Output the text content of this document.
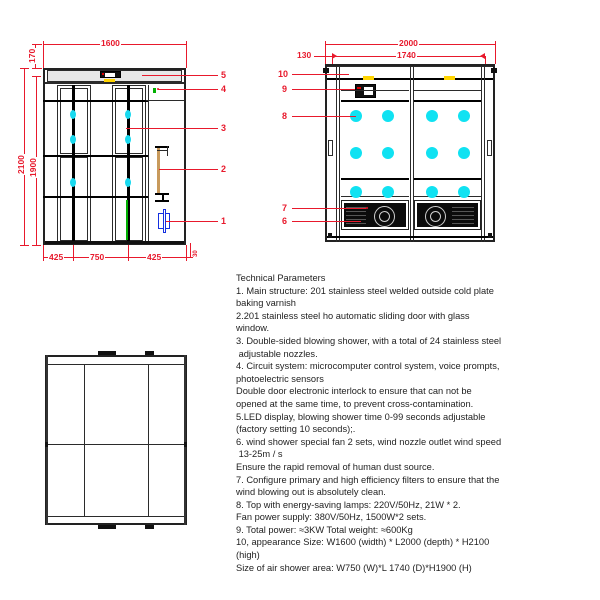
1600
170
2100 1900
425	750	425	30
5
4
3
2
1
2000
1740
130
10
9
8
7
6

Technical Parameters

1. Main structure: 201 stainless steel welded outside cold plate

baking varnish

2.201 stainless steel ho automatic sliding door with glass

window.

3. Double-sided blowing shower, with a total of 24 stainless steel

adjustable nozzles.

4. Circuit system: microcomputer control system, voice prompts,

photoelectric sensors

Double door electronic interlock to ensure that can not be

opened at the same time, to prevent cross-contamination.

5.LED display, blowing shower time 0-99 seconds adjustable

(factory setting 10 seconds);.

6. wind shower special fan 2 sets, wind nozzle outlet wind speed

13-25m / s

Ensure the rapid removal of human dust source.

7. Configure primary and high efficiency filters to ensure that the

wind blowing out is absolutely clean.

8. Top with energy-saving lamps: 220V/50Hz, 21W * 2.

Fan power supply: 380V/50Hz, 1500W*2 sets.

9. Total power: ≈3KW Total weight: ≈600Kg

10, appearance Size: W1600 (width) * L2000 (depth) * H2100

(high)

Size of air shower area: W750 (W)*L 1740 (D)*H1900 (H)
